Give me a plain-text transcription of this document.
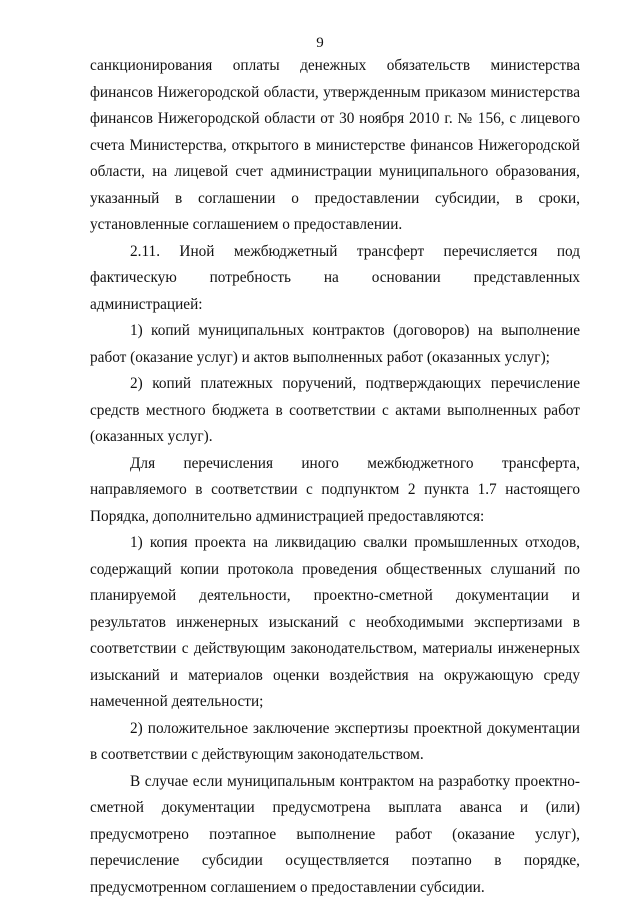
9

санкционирования оплаты денежных обязательств министерства финансов Нижегородской области, утвержденным приказом министерства финансов Нижегородской области от 30 ноября 2010 г. № 156, с лицевого счета Министерства, открытого в министерстве финансов Нижегородской области, на лицевой счет администрации муниципального образования, указанный в соглашении о предоставлении субсидии, в сроки, установленные соглашением о предоставлении.

2.11. Иной межбюджетный трансферт перечисляется под фактическую потребность на основании представленных администрацией:

1) копий муниципальных контрактов (договоров) на выполнение работ (оказание услуг) и актов выполненных работ (оказанных услуг);

2) копий платежных поручений, подтверждающих перечисление средств местного бюджета в соответствии с актами выполненных работ (оказанных услуг).

Для перечисления иного межбюджетного трансферта, направляемого в соответствии с подпунктом 2 пункта 1.7 настоящего Порядка, дополнительно администрацией предоставляются:

1) копия проекта на ликвидацию свалки промышленных отходов, содержащий копии протокола проведения общественных слушаний по планируемой деятельности, проектно-сметной документации и результатов инженерных изысканий с необходимыми экспертизами в соответствии с действующим законодательством, материалы инженерных изысканий и материалов оценки воздействия на окружающую среду намеченной деятельности;

2) положительное заключение экспертизы проектной документации в соответствии с действующим законодательством.

В случае если муниципальным контрактом на разработку проектно-сметной документации предусмотрена выплата аванса и (или) предусмотрено поэтапное выполнение работ (оказание услуг), перечисление субсидии осуществляется поэтапно в порядке, предусмотренном соглашением о предоставлении субсидии.
